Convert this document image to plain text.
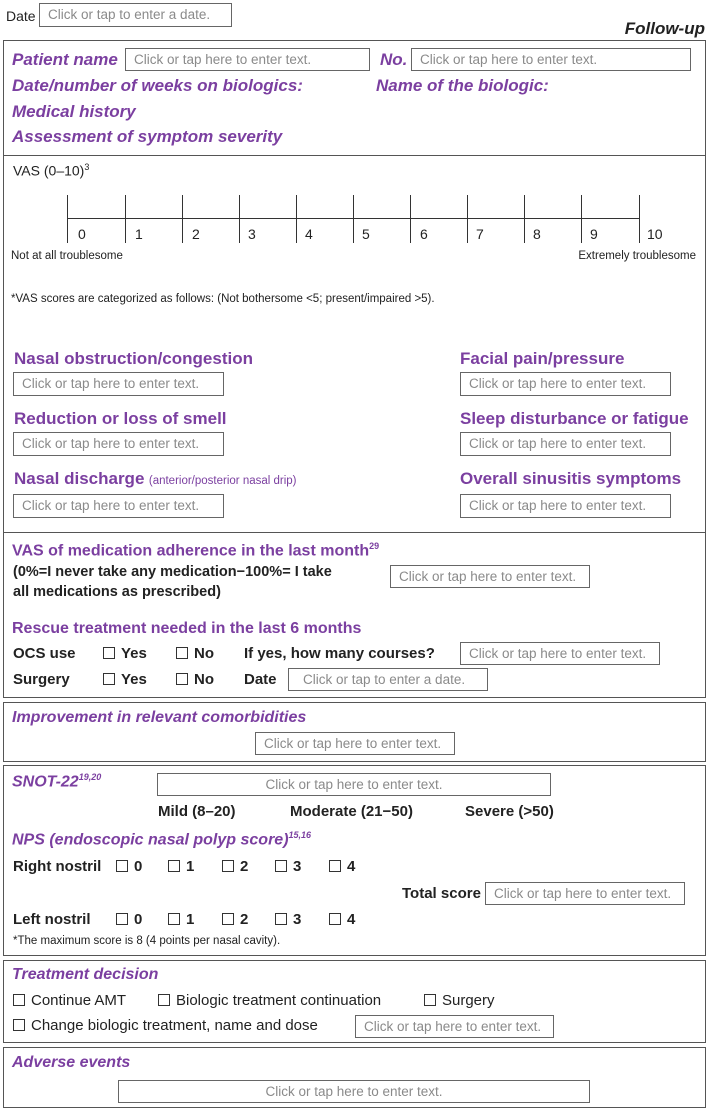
Date Click or tap to enter a date.
Follow-up
Patient name	Click or tap here to enter text.	No. Click or tap here to enter text.
Date/number of weeks on biologics:	Name of the biologic:
Medical history
Assessment of symptom severity
VAS $(0-10)^3$
0	1	2	3	4	5	6	7	8	9	10
Not at all troublesome	Extremely troublesome
*VAS scores are categorized as follows: (Not bothersome <5; present/impaired >5).
Nasal obstruction/congestion
Click or tap here to enter text.
Facial pain/pressure
Click or tap here to enter text.
Reduction or loss of smell
Click or tap here to enter text.
Sleep disturbance or fatigue
Click or tap here to enter text.
Nasal discharge (anterior/posterior nasal drip)
Click or tap here to enter text.
Overall sinusitis symptoms
Click or tap here to enter text.
VAS of medication adherence in the last month$^{29}$
(0%=I never take any medication−100%= I take
all medications as prescribed)
Click or tap here to enter text.
Rescue treatment needed in the last 6 months
OCS use	Yes	No If yes, how many courses?	Click or tap here to enter text.
Surgery	Yes	No Date	Click or tap to enter a date.
Improvement in relevant comorbidities
Click or tap here to enter text.
SNOT-22$^{19,20}$	Click or tap here to enter text.
Mild (8–20)	Moderate (21−50)	Severe (>50)
NPS (endoscopic nasal polyp score)$^{15,16}$
Right nostril	0	1	2	3	4
Total score Click or tap here to enter text.
Left nostril	0	1	2	3	4
*The maximum score is 8 (4 points per nasal cavity).
Treatment decision
Continue AMT	Biologic treatment continuation	Surgery
Change biologic treatment, name and dose	Click or tap here to enter text.
Adverse events
Click or tap here to enter text.
